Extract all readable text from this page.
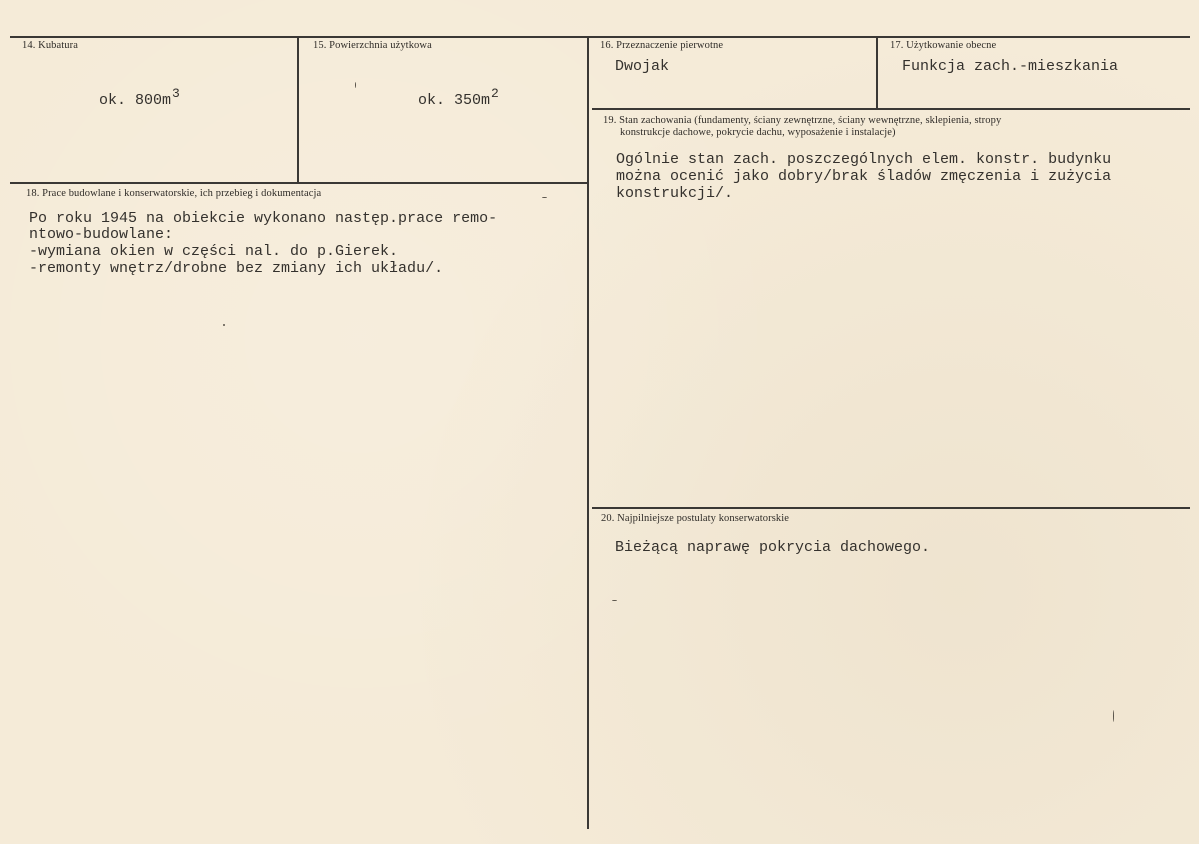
14. Kubatura

ok. 800m3

15. Powierzchnia użytkowa

ok. 350m2

16. Przeznaczenie pierwotne
Dwojak
17. Użytkowanie obecne
Funkcja zach.-mieszkania
18. Prace budowlane i konserwatorskie, ich przebieg i dokumentacja
Po roku 1945 na obiekcie wykonano następ.prace remo-
ntowo-budowlane:
-wymiana okien w części nal. do p.Gierek.
-remonty wnętrz/drobne bez zmiany ich układu/.
19. Stan zachowania (fundamenty, ściany zewnętrzne, ściany wewnętrzne, sklepienia, stropy
konstrukcje dachowe, pokrycie dachu, wyposażenie i instalacje)
Ogólnie stan zach. poszczególnych elem. konstr. budynku
można ocenić jako dobry/brak śladów zmęczenia i zużycia
konstrukcji/.
20. Najpilniejsze postulaty konserwatorskie
Bieżącą naprawę pokrycia dachowego.
